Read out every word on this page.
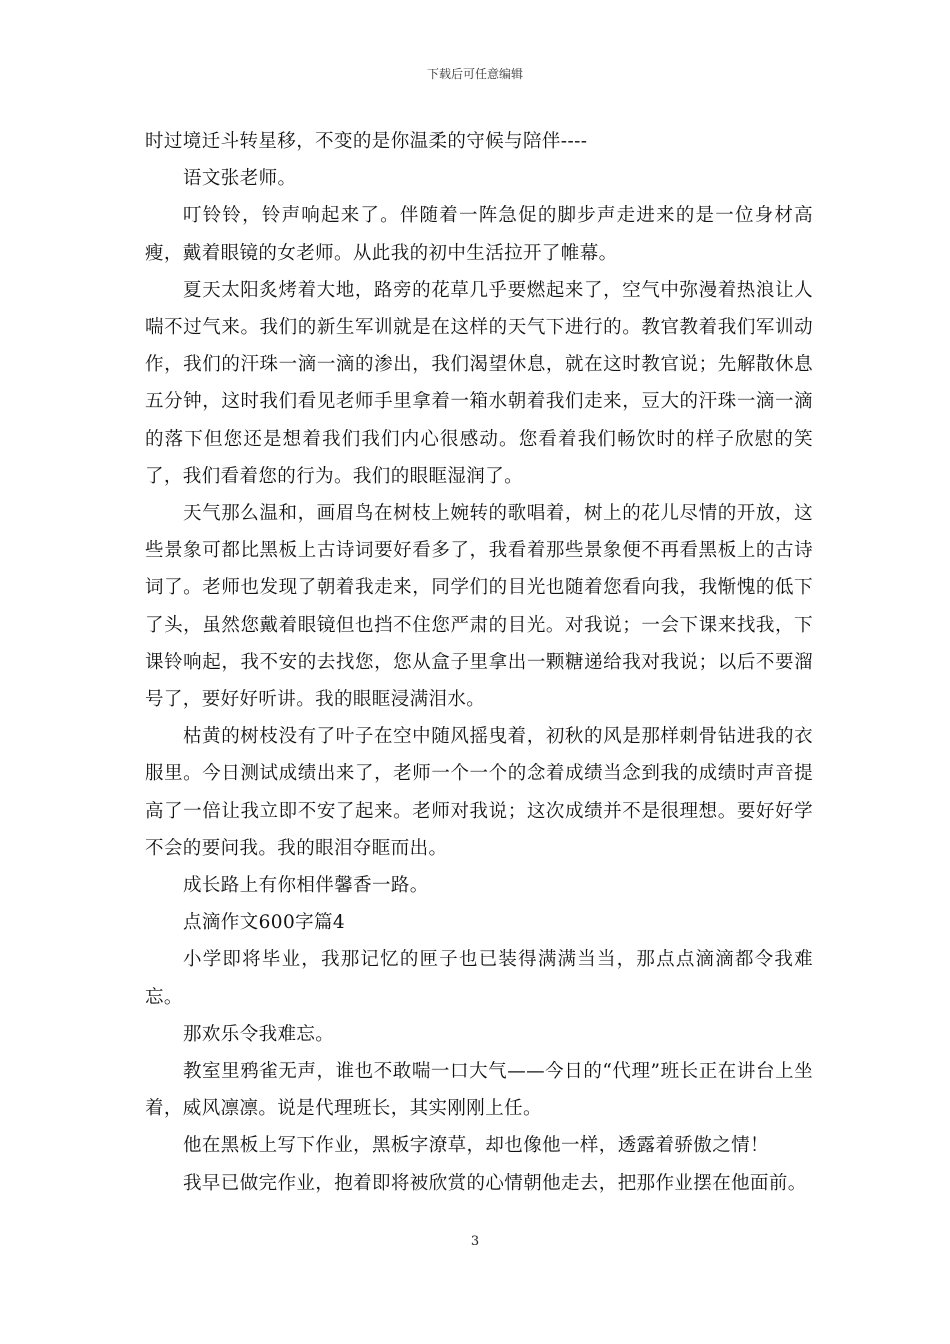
下载后可任意编辑

时过境迁斗转星移，不变的是你温柔的守候与陪伴----

语文张老师。

叮铃铃，铃声响起来了。伴随着一阵急促的脚步声走进来的是一位身材高瘦，戴着眼镜的女老师。从此我的初中生活拉开了帷幕。

夏天太阳炙烤着大地，路旁的花草几乎要燃起来了，空气中弥漫着热浪让人喘不过气来。我们的新生军训就是在这样的天气下进行的。教官教着我们军训动作，我们的汗珠一滴一滴的渗出，我们渴望休息，就在这时教官说；先解散休息五分钟，这时我们看见老师手里拿着一箱水朝着我们走来，豆大的汗珠一滴一滴的落下但您还是想着我们我们内心很感动。您看着我们畅饮时的样子欣慰的笑了，我们看着您的行为。我们的眼眶湿润了。

天气那么温和，画眉鸟在树枝上婉转的歌唱着，树上的花儿尽情的开放，这些景象可都比黑板上古诗词要好看多了，我看着那些景象便不再看黑板上的古诗词了。老师也发现了朝着我走来，同学们的目光也随着您看向我，我惭愧的低下了头，虽然您戴着眼镜但也挡不住您严肃的目光。对我说；一会下课来找我，下课铃响起，我不安的去找您，您从盒子里拿出一颗糖递给我对我说；以后不要溜号了，要好好听讲。我的眼眶浸满泪水。

枯黄的树枝没有了叶子在空中随风摇曳着，初秋的风是那样刺骨钻进我的衣服里。今日测试成绩出来了，老师一个一个的念着成绩当念到我的成绩时声音提高了一倍让我立即不安了起来。老师对我说；这次成绩并不是很理想。要好好学不会的要问我。我的眼泪夺眶而出。

成长路上有你相伴馨香一路。

点滴作文600字篇4

小学即将毕业，我那记忆的匣子也已装得满满当当，那点点滴滴都令我难忘。

那欢乐令我难忘。

教室里鸦雀无声，谁也不敢喘一口大气——今日的“代理”班长正在讲台上坐着，威风凛凛。说是代理班长，其实刚刚上任。

他在黑板上写下作业，黑板字潦草，却也像他一样，透露着骄傲之情！

我早已做完作业，抱着即将被欣赏的心情朝他走去，把那作业摆在他面前。

3
